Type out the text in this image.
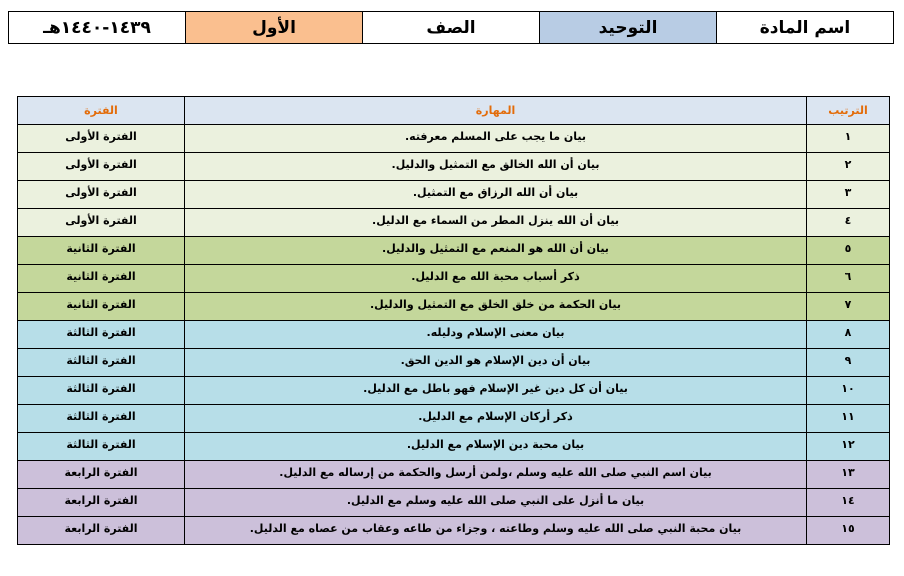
اسم المادة	التوحيد	الصف	الأول	١٤٣٩-١٤٤٠هـ
الترتيب	المهارة	الفترة
١	بيان ما يجب على المسلم معرفته.	الفترة الأولى
٢	بيان أن الله الخالق مع التمثيل والدليل.	الفترة الأولى
٣	بيان أن الله الرزاق مع التمثيل.	الفترة الأولى
٤	بيان أن الله ينزل المطر من السماء مع الدليل.	الفترة الأولى
٥	بيان أن الله هو المنعم مع التمثيل والدليل.	الفترة الثانية
٦	ذكر أسباب محبة الله مع الدليل.	الفترة الثانية
٧	بيان الحكمة من خلق الخلق مع التمثيل والدليل.	الفترة الثانية
٨	بيان معنى الإسلام ودليله.	الفترة الثالثة
٩	بيان أن دين الإسلام هو الدين الحق.	الفترة الثالثة
١٠	بيان أن كل دين غير الإسلام فهو باطل مع الدليل.	الفترة الثالثة
١١	ذكر أركان الإسلام مع الدليل.	الفترة الثالثة
١٢	بيان محبة دين الإسلام مع الدليل.	الفترة الثالثة
١٣	بيان اسم النبي صلى الله عليه وسلم ،ولمن أرسل والحكمة من إرساله مع الدليل.	الفترة الرابعة
١٤	بيان ما أنزل على النبي صلى الله عليه وسلم مع الدليل.	الفترة الرابعة
١٥	بيان محبة النبي صلى الله عليه وسلم وطاعته ، وجزاء من طاعه وعقاب من عصاه مع الدليل.	الفترة الرابعة
